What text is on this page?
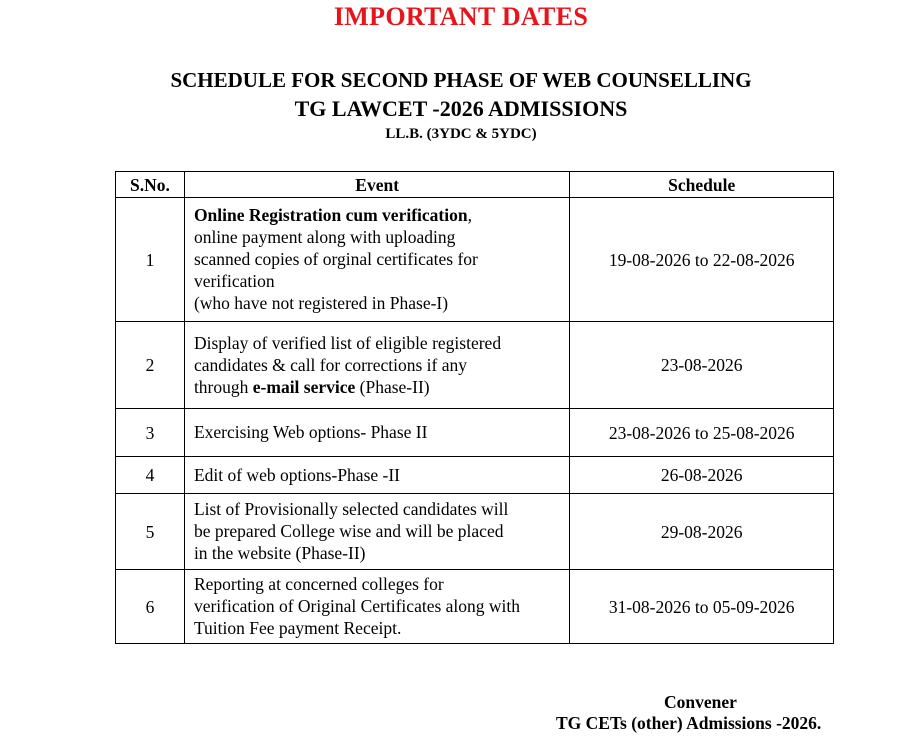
IMPORTANT DATES
SCHEDULE FOR SECOND PHASE OF WEB COUNSELLING
TG LAWCET -2026 ADMISSIONS
LL.B. (3YDC & 5YDC)
S.No.	Event	Schedule
1	Online Registration cum verification,
online payment along with uploading
scanned copies of orginal certificates for
verification
(who have not registered in Phase-I)	19-08-2026 to 22-08-2026
2	Display of verified list of eligible registered
candidates & call for corrections if any
through e-mail service (Phase-II)	23-08-2026
3	Exercising Web options- Phase II	23-08-2026 to 25-08-2026
4	Edit of web options-Phase -II	26-08-2026
5	List of Provisionally selected candidates will
be prepared College wise and will be placed
in the website (Phase-II)	29-08-2026
6	Reporting at concerned colleges for
verification of Original Certificates along with
Tuition Fee payment Receipt.	31-08-2026 to 05-09-2026
Convener
TG CETs (other) Admissions -2026.
